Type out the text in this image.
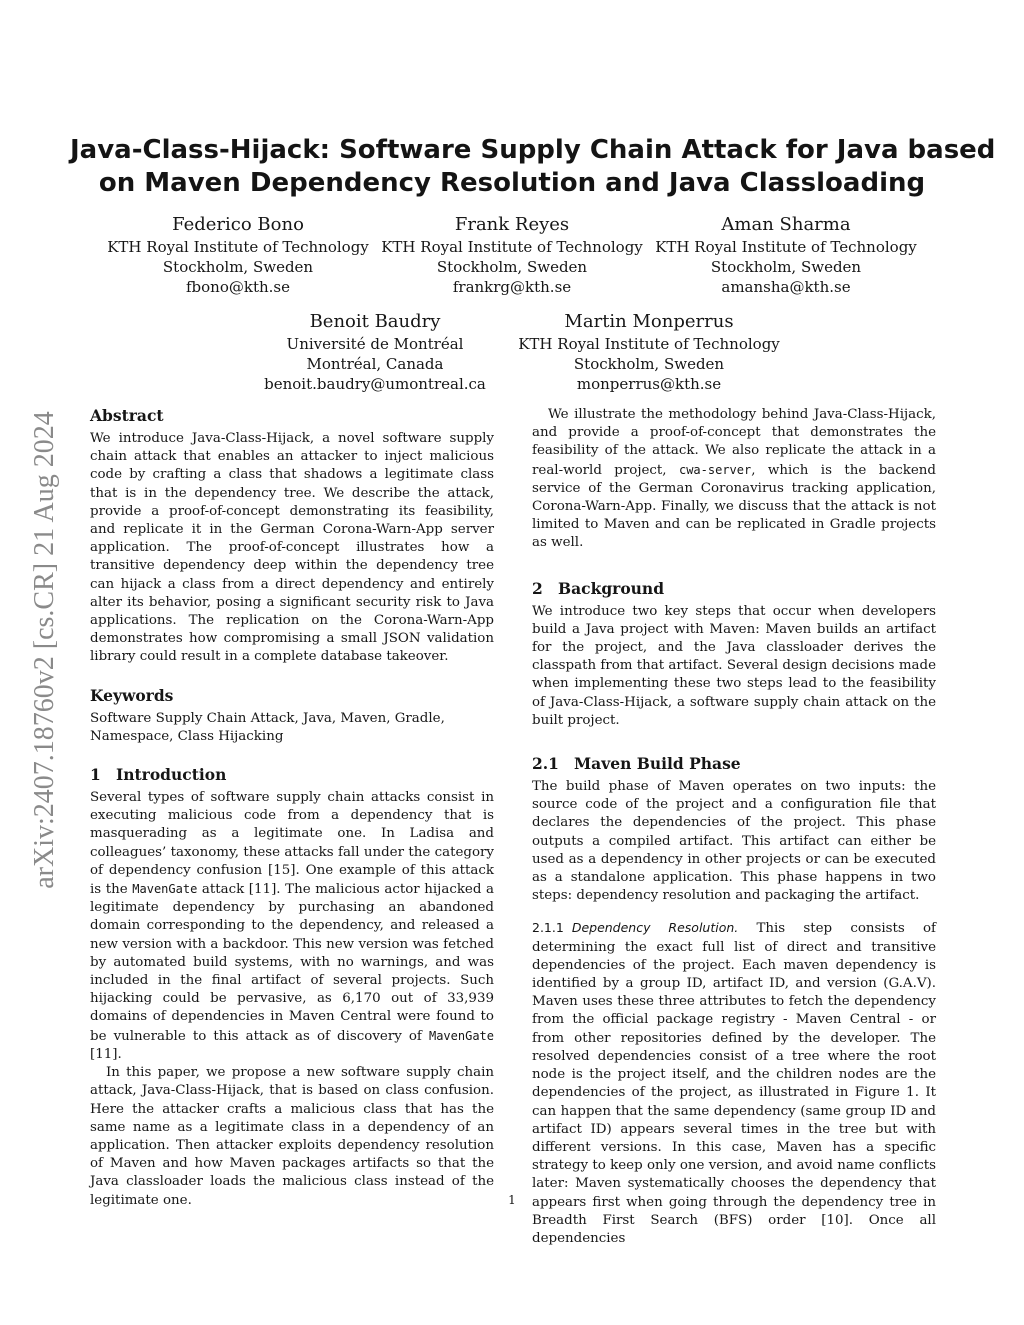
arXiv:2407.18760v2 [cs.CR] 21 Aug 2024
Java-Class-Hijack: Software Supply Chain Attack for Java based
on Maven Dependency Resolution and Java Classloading
Federico Bono
KTH Royal Institute of Technology
Stockholm, Sweden
fbono@kth.se
Frank Reyes
KTH Royal Institute of Technology
Stockholm, Sweden
frankrg@kth.se
Aman Sharma
KTH Royal Institute of Technology
Stockholm, Sweden
amansha@kth.se
Benoit Baudry
Université de Montréal
Montréal, Canada
benoit.baudry@umontreal.ca
Martin Monperrus
KTH Royal Institute of Technology
Stockholm, Sweden
monperrus@kth.se
Abstract

We introduce Java-Class-Hijack, a novel software supply chain attack that enables an attacker to inject malicious code by crafting a class that shadows a legitimate class that is in the dependency tree. We describe the attack, provide a proof-of-concept demonstrating its feasibility, and replicate it in the German Corona-Warn-App server application. The proof-of-concept illustrates how a transitive dependency deep within the dependency tree can hijack a class from a direct dependency and entirely alter its behavior, posing a significant security risk to Java applications. The replication on the Corona-Warn-App demonstrates how compromising a small JSON validation library could result in a complete database takeover.

Keywords

Software Supply Chain Attack, Java, Maven, Gradle, Namespace, Class Hijacking

1 Introduction

Several types of software supply chain attacks consist in executing malicious code from a dependency that is masquerading as a legitimate one. In Ladisa and colleagues’ taxonomy, these attacks fall under the category of dependency confusion [15]. One example of this attack is the MavenGate attack [11]. The malicious actor hijacked a legitimate dependency by purchasing an abandoned domain corresponding to the dependency, and released a new version with a backdoor. This new version was fetched by automated build systems, with no warnings, and was included in the final artifact of several projects. Such hijacking could be pervasive, as 6,170 out of 33,939 domains of dependencies in Maven Central were found to be vulnerable to this attack as of discovery of MavenGate [11].

In this paper, we propose a new software supply chain attack, Java-Class-Hijack, that is based on class confusion. Here the attacker crafts a malicious class that has the same name as a legitimate class in a dependency of an application. Then attacker exploits dependency resolution of Maven and how Maven packages artifacts so that the Java classloader loads the malicious class instead of the legitimate one.

We illustrate the methodology behind Java-Class-Hijack, and provide a proof-of-concept that demonstrates the feasibility of the attack. We also replicate the attack in a real-world project, cwa-server, which is the backend service of the German Coronavirus tracking application, Corona-Warn-App. Finally, we discuss that the attack is not limited to Maven and can be replicated in Gradle projects as well.

2 Background

We introduce two key steps that occur when developers build a Java project with Maven: Maven builds an artifact for the project, and the Java classloader derives the classpath from that artifact. Several design decisions made when implementing these two steps lead to the feasibility of Java-Class-Hijack, a software supply chain attack on the built project.

2.1 Maven Build Phase

The build phase of Maven operates on two inputs: the source code of the project and a configuration file that declares the dependencies of the project. This phase outputs a compiled artifact. This artifact can either be used as a dependency in other projects or can be executed as a standalone application. This phase happens in two steps: dependency resolution and packaging the artifact.

2.1.1 Dependency Resolution. This step consists of determining the exact full list of direct and transitive dependencies of the project. Each maven dependency is identified by a group ID, artifact ID, and version (G.A.V). Maven uses these three attributes to fetch the dependency from the official package registry - Maven Central - or from other repositories defined by the developer. The resolved dependencies consist of a tree where the root node is the project itself, and the children nodes are the dependencies of the project, as illustrated in Figure 1. It can happen that the same dependency (same group ID and artifact ID) appears several times in the tree but with different versions. In this case, Maven has a specific strategy to keep only one version, and avoid name conflicts later: Maven systematically chooses the dependency that appears first when going through the dependency tree in Breadth First Search (BFS) order [10]. Once all dependencies

1
